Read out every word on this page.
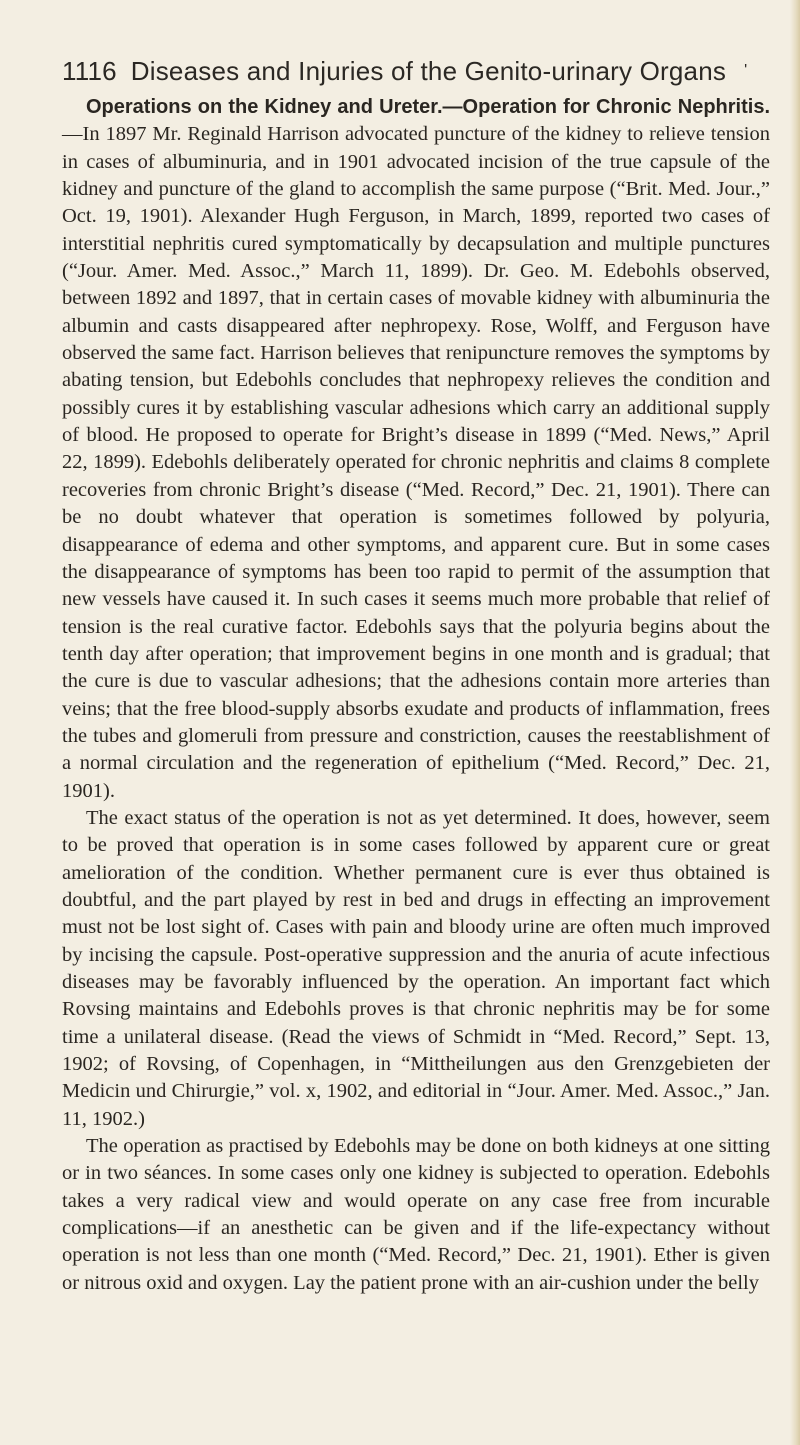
1116 Diseases and Injuries of the Genito-urinary Organs '

Operations on the Kidney and Ureter.—Operation for Chronic Nephritis.—In 1897 Mr. Reginald Harrison advocated puncture of the kidney to relieve tension in cases of albuminuria, and in 1901 advocated incision of the true capsule of the kidney and puncture of the gland to accomplish the same purpose (“Brit. Med. Jour.,” Oct. 19, 1901). Alexander Hugh Ferguson, in March, 1899, reported two cases of interstitial nephritis cured symptomatically by decapsulation and multiple punctures (“Jour. Amer. Med. Assoc.,” March 11, 1899). Dr. Geo. M. Edebohls observed, between 1892 and 1897, that in certain cases of movable kidney with albuminuria the albumin and casts disappeared after nephropexy. Rose, Wolff, and Ferguson have observed the same fact. Harrison believes that renipuncture removes the symptoms by abating tension, but Edebohls concludes that nephropexy relieves the condition and possibly cures it by establishing vascular adhesions which carry an additional supply of blood. He proposed to operate for Bright’s disease in 1899 (“Med. News,” April 22, 1899). Edebohls deliberately operated for chronic nephritis and claims 8 complete recoveries from chronic Bright’s disease (“Med. Record,” Dec. 21, 1901). There can be no doubt whatever that operation is sometimes followed by polyuria, disappearance of edema and other symptoms, and apparent cure. But in some cases the disappearance of symptoms has been too rapid to permit of the assumption that new vessels have caused it. In such cases it seems much more probable that relief of tension is the real curative factor. Edebohls says that the polyuria begins about the tenth day after operation; that improvement begins in one month and is gradual; that the cure is due to vascular adhesions; that the adhesions contain more arteries than veins; that the free blood-supply absorbs exudate and products of inflammation, frees the tubes and glomeruli from pressure and constriction, causes the reestablishment of a normal circulation and the regeneration of epithelium (“Med. Record,” Dec. 21, 1901).

The exact status of the operation is not as yet determined. It does, however, seem to be proved that operation is in some cases followed by apparent cure or great amelioration of the condition. Whether permanent cure is ever thus obtained is doubtful, and the part played by rest in bed and drugs in effecting an improvement must not be lost sight of. Cases with pain and bloody urine are often much improved by incising the capsule. Post-operative suppression and the anuria of acute infectious diseases may be favorably influenced by the operation. An important fact which Rovsing maintains and Edebohls proves is that chronic nephritis may be for some time a unilateral disease. (Read the views of Schmidt in “Med. Record,” Sept. 13, 1902; of Rovsing, of Copenhagen, in “Mittheilungen aus den Grenzgebieten der Medicin und Chirurgie,” vol. x, 1902, and editorial in “Jour. Amer. Med. Assoc.,” Jan. 11, 1902.)

The operation as practised by Edebohls may be done on both kidneys at one sitting or in two séances. In some cases only one kidney is subjected to operation. Edebohls takes a very radical view and would operate on any case free from incurable complications—if an anesthetic can be given and if the life-expectancy without operation is not less than one month (“Med. Record,” Dec. 21, 1901). Ether is given or nitrous oxid and oxygen. Lay the patient prone with an air-cushion under the belly
